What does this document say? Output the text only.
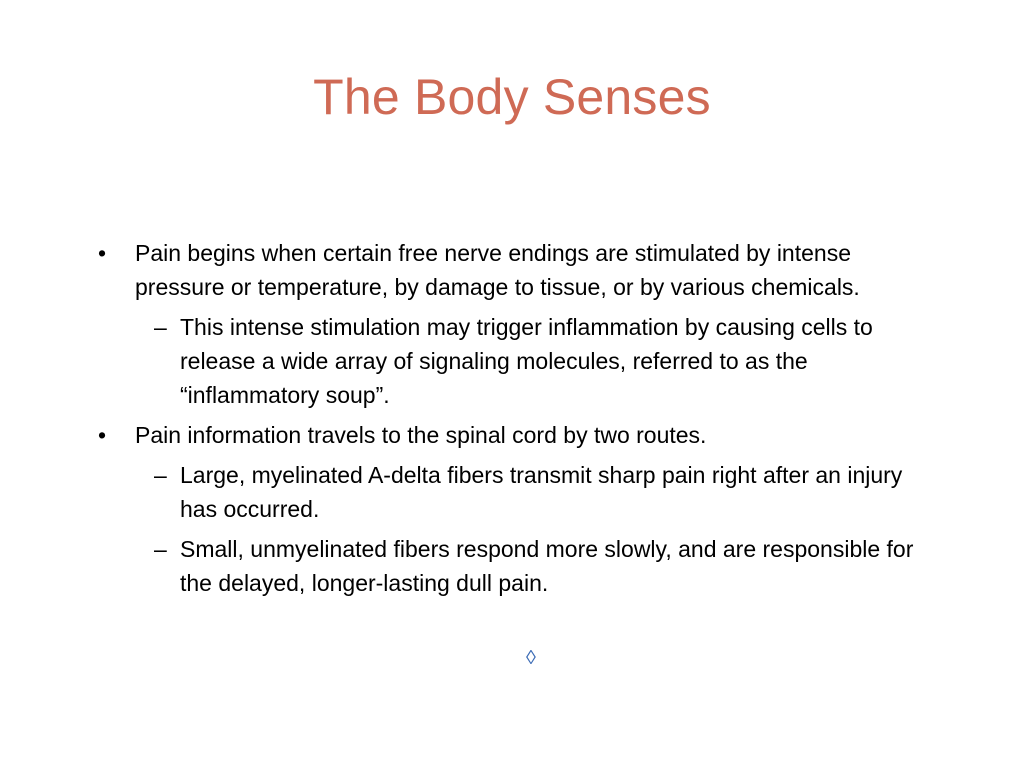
The Body Senses
• Pain begins when certain free nerve endings are stimulated by intense pressure or temperature, by damage to tissue, or by various chemicals.
– This intense stimulation may trigger inflammation by causing cells to release a wide array of signaling molecules, referred to as the “inflammatory soup”.
• Pain information travels to the spinal cord by two routes.
– Large, myelinated A-delta fibers transmit sharp pain right after an injury has occurred.
– Small, unmyelinated fibers respond more slowly, and are responsible for the delayed, longer-lasting dull pain.
◊
